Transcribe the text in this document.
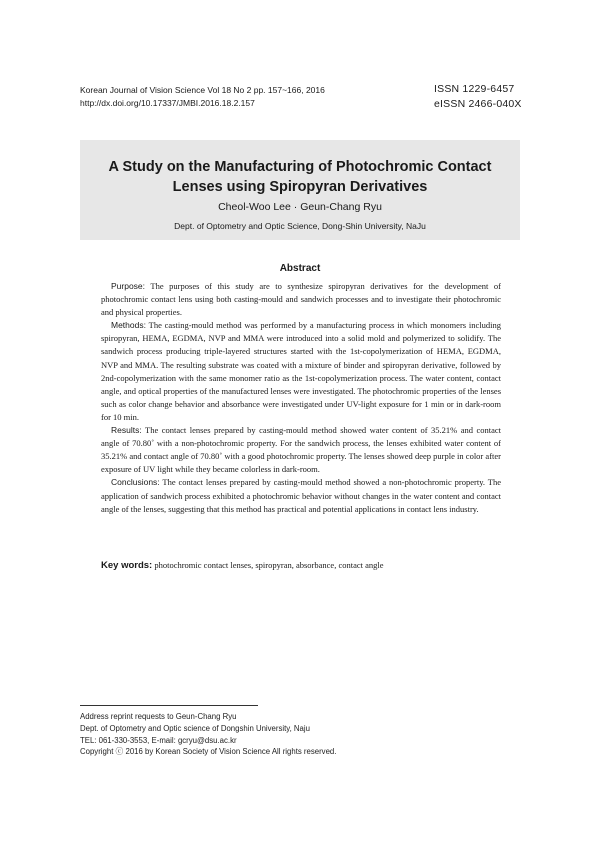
Korean Journal of Vision Science Vol 18 No 2 pp. 157~166, 2016
http://dx.doi.org/10.17337/JMBI.2016.18.2.157
ISSN 1229-6457
eISSN 2466-040X
A Study on the Manufacturing of Photochromic Contact
Lenses using Spiropyran Derivatives
Cheol-Woo Lee · Geun-Chang Ryu
Dept. of Optometry and Optic Science, Dong-Shin University, NaJu
Abstract

Purpose: The purposes of this study are to synthesize spiropyran derivatives for the development of photochromic contact lens using both casting-mould and sandwich processes and to investigate their photochromic and physical properties.

Methods: The casting-mould method was performed by a manufacturing process in which monomers including spiropyran, HEMA, EGDMA, NVP and MMA were introduced into a solid mold and polymerized to solidify. The sandwich process producing triple-layered structures started with the 1st-copolymerization of HEMA, EGDMA, NVP and MMA. The resulting substrate was coated with a mixture of binder and spiropyran derivative, followed by 2nd-copolymerization with the same monomer ratio as the 1st-copolymerization process. The water content, contact angle, and optical properties of the manufactured lenses were investigated. The photochromic properties of the lenses such as color change behavior and absorbance were investigated under UV-light exposure for 1 min or in dark-room for 10 min.

Results: The contact lenses prepared by casting-mould method showed water content of 35.21% and contact angle of 70.80˚ with a non-photochromic property. For the sandwich process, the lenses exhibited water content of 35.21% and contact angle of 70.80˚ with a good photochromic property. The lenses showed deep purple in color after exposure of UV light while they became colorless in dark-room.

Conclusions: The contact lenses prepared by casting-mould method showed a non-photochromic property. The application of sandwich process exhibited a photochromic behavior without changes in the water content and contact angle of the lenses, suggesting that this method has practical and potential applications in contact lens industry.

Key words: photochromic contact lenses, spiropyran, absorbance, contact angle
Address reprint requests to Geun-Chang Ryu
Dept. of Optometry and Optic science of Dongshin University, Naju
TEL: 061-330-3553, E-mail: gcryu@dsu.ac.kr
Copyright ⓒ 2016 by Korean Society of Vision Science All rights reserved.
